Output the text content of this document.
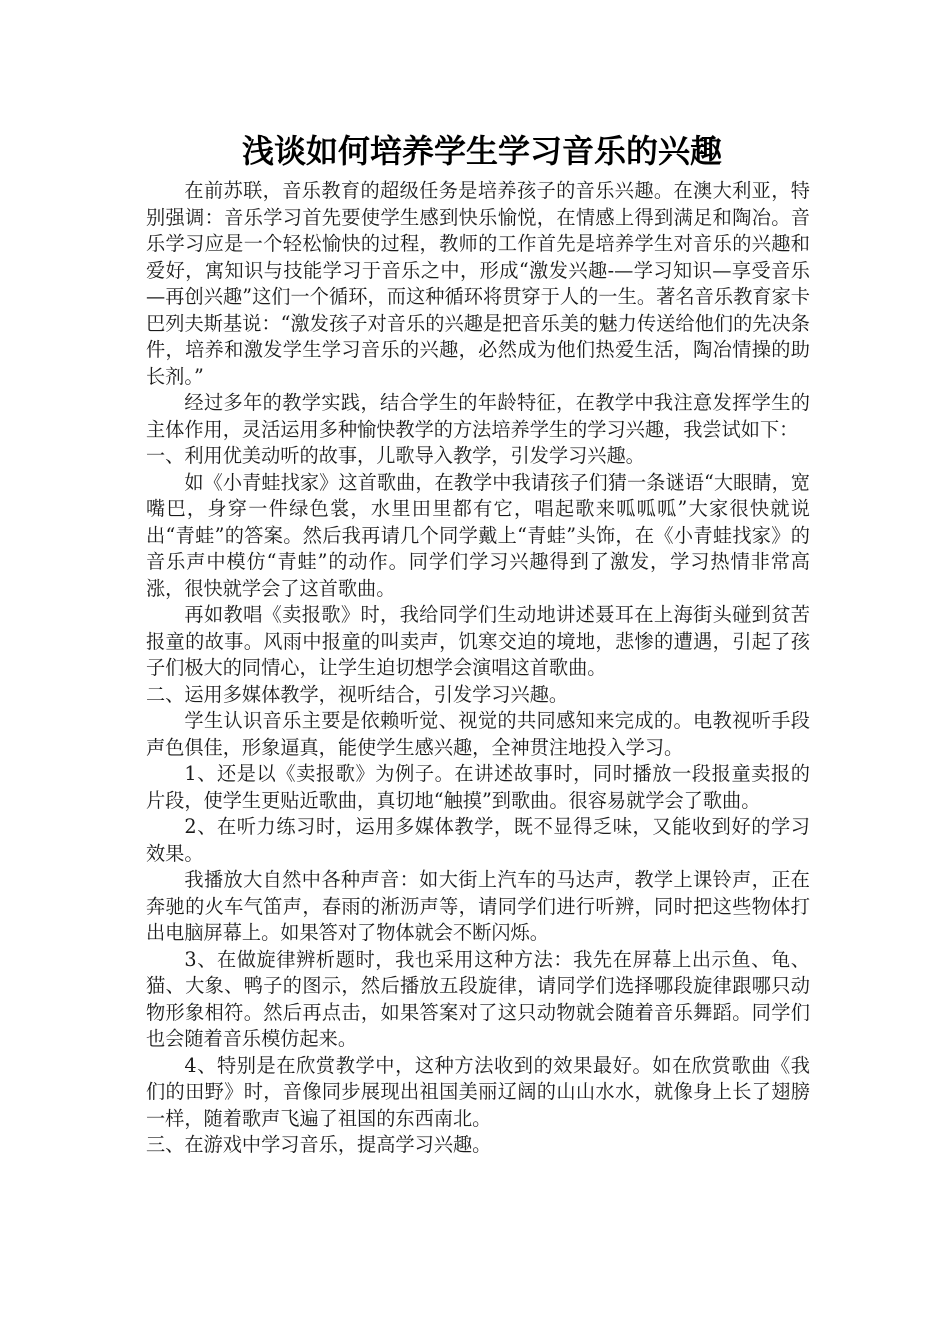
浅谈如何培养学生学习音乐的兴趣

在前苏联，音乐教育的超级任务是培养孩子的音乐兴趣。在澳大利亚，特别强调：音乐学习首先要使学生感到快乐愉悦，在情感上得到满足和陶冶。音乐学习应是一个轻松愉快的过程，教师的工作首先是培养学生对音乐的兴趣和爱好，寓知识与技能学习于音乐之中，形成“激发兴趣-—学习知识—享受音乐—再创兴趣”这们一个循环，而这种循环将贯穿于人的一生。著名音乐教育家卡巴列夫斯基说：“激发孩子对音乐的兴趣是把音乐美的魅力传送给他们的先决条件，培养和激发学生学习音乐的兴趣，必然成为他们热爱生活，陶冶情操的助长剂。”

经过多年的教学实践，结合学生的年龄特征，在教学中我注意发挥学生的主体作用，灵活运用多种愉快教学的方法培养学生的学习兴趣，我尝试如下：

一、利用优美动听的故事，儿歌导入教学，引发学习兴趣。

如《小青蛙找家》这首歌曲，在教学中我请孩子们猜一条谜语“大眼睛，宽嘴巴，身穿一件绿色裳，水里田里都有它，唱起歌来呱呱呱”大家很快就说出“青蛙”的答案。然后我再请几个同学戴上“青蛙”头饰，在《小青蛙找家》的音乐声中模仿“青蛙”的动作。同学们学习兴趣得到了激发，学习热情非常高涨，很快就学会了这首歌曲。

再如教唱《卖报歌》时，我给同学们生动地讲述聂耳在上海街头碰到贫苦报童的故事。风雨中报童的叫卖声，饥寒交迫的境地，悲惨的遭遇，引起了孩子们极大的同情心，让学生迫切想学会演唱这首歌曲。

二、运用多媒体教学，视听结合，引发学习兴趣。

学生认识音乐主要是依赖听觉、视觉的共同感知来完成的。电教视听手段声色俱佳，形象逼真，能使学生感兴趣，全神贯注地投入学习。

1、还是以《卖报歌》为例子。在讲述故事时，同时播放一段报童卖报的片段，使学生更贴近歌曲，真切地“触摸”到歌曲。很容易就学会了歌曲。

2、在听力练习时，运用多媒体教学，既不显得乏味，又能收到好的学习效果。

我播放大自然中各种声音：如大街上汽车的马达声，教学上课铃声，正在奔驰的火车气笛声，春雨的淅沥声等，请同学们进行听辨，同时把这些物体打出电脑屏幕上。如果答对了物体就会不断闪烁。

3、在做旋律辨析题时，我也采用这种方法：我先在屏幕上出示鱼、龟、猫、大象、鸭子的图示，然后播放五段旋律，请同学们选择哪段旋律跟哪只动物形象相符。然后再点击，如果答案对了这只动物就会随着音乐舞蹈。同学们也会随着音乐模仿起来。

4、特别是在欣赏教学中，这种方法收到的效果最好。如在欣赏歌曲《我们的田野》时，音像同步展现出祖国美丽辽阔的山山水水，就像身上长了翅膀一样，随着歌声飞遍了祖国的东西南北。

三、在游戏中学习音乐，提高学习兴趣。
